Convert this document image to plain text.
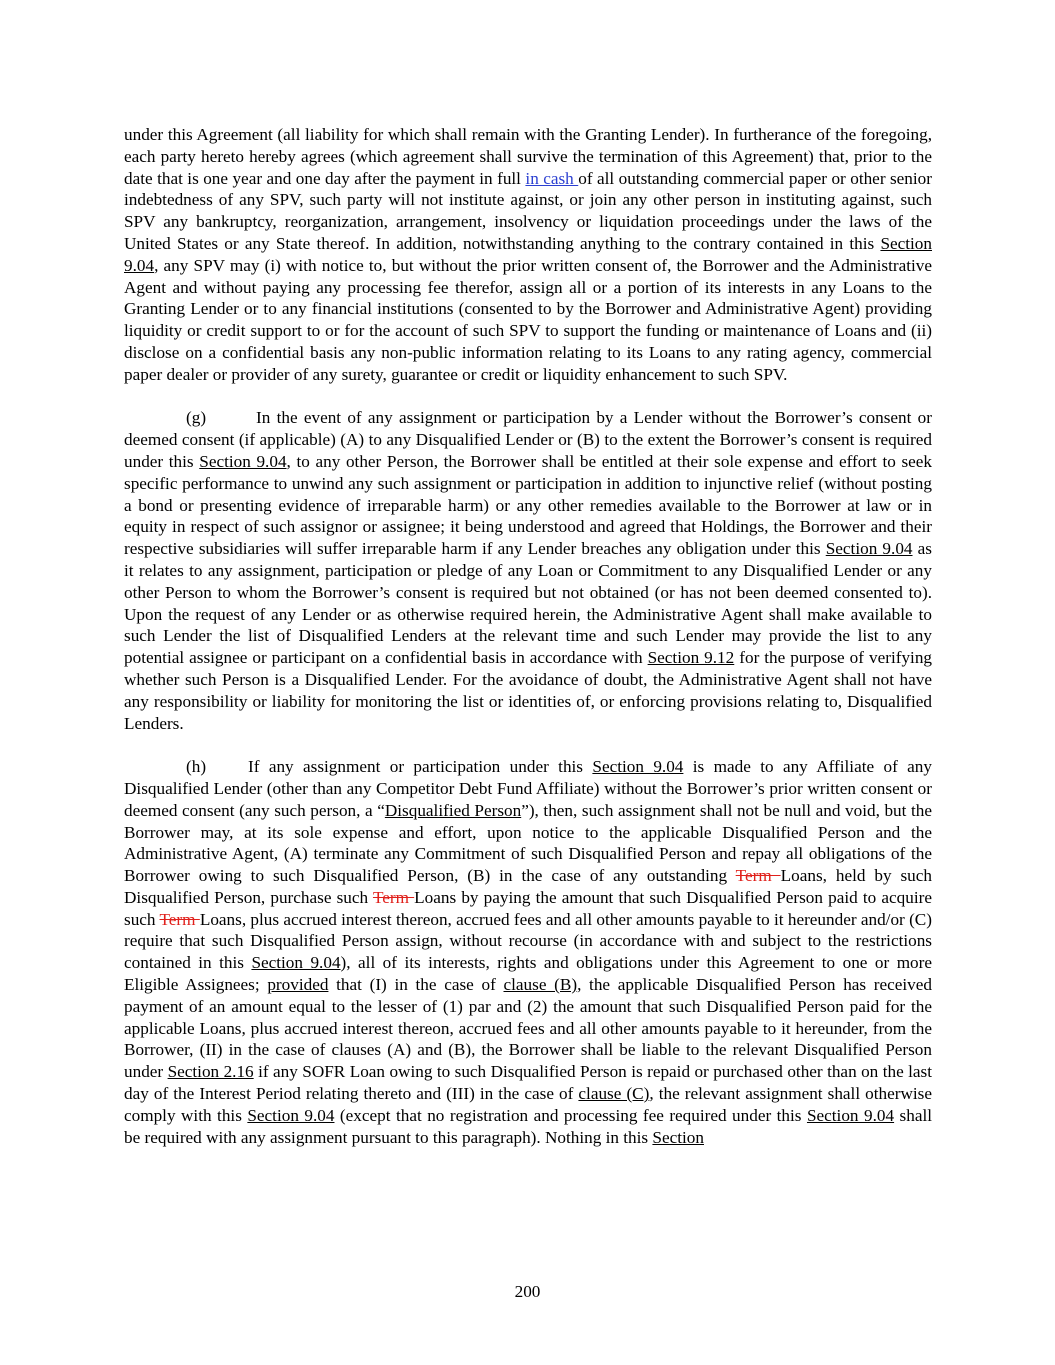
under this Agreement (all liability for which shall remain with the Granting Lender). In furtherance of the foregoing, each party hereto hereby agrees (which agreement shall survive the termination of this Agreement) that, prior to the date that is one year and one day after the payment in full in cash of all outstanding commercial paper or other senior indebtedness of any SPV, such party will not institute against, or join any other person in instituting against, such SPV any bankruptcy, reorganization, arrangement, insolvency or liquidation proceedings under the laws of the United States or any State thereof. In addition, notwithstanding anything to the contrary contained in this Section 9.04, any SPV may (i) with notice to, but without the prior written consent of, the Borrower and the Administrative Agent and without paying any processing fee therefor, assign all or a portion of its interests in any Loans to the Granting Lender or to any financial institutions (consented to by the Borrower and Administrative Agent) providing liquidity or credit support to or for the account of such SPV to support the funding or maintenance of Loans and (ii) disclose on a confidential basis any non-public information relating to its Loans to any rating agency, commercial paper dealer or provider of any surety, guarantee or credit or liquidity enhancement to such SPV.

(g)	In the event of any assignment or participation by a Lender without the Borrower’s consent or deemed consent (if applicable) (A) to any Disqualified Lender or (B) to the extent the Borrower’s consent is required under this Section 9.04, to any other Person, the Borrower shall be entitled at their sole expense and effort to seek specific performance to unwind any such assignment or participation in addition to injunctive relief (without posting a bond or presenting evidence of irreparable harm) or any other remedies available to the Borrower at law or in equity in respect of such assignor or assignee; it being understood and agreed that Holdings, the Borrower and their respective subsidiaries will suffer irreparable harm if any Lender breaches any obligation under this Section 9.04 as it relates to any assignment, participation or pledge of any Loan or Commitment to any Disqualified Lender or any other Person to whom the Borrower’s consent is required but not obtained (or has not been deemed consented to). Upon the request of any Lender or as otherwise required herein, the Administrative Agent shall make available to such Lender the list of Disqualified Lenders at the relevant time and such Lender may provide the list to any potential assignee or participant on a confidential basis in accordance with Section 9.12 for the purpose of verifying whether such Person is a Disqualified Lender. For the avoidance of doubt, the Administrative Agent shall not have any responsibility or liability for monitoring the list or identities of, or enforcing provisions relating to, Disqualified Lenders.

(h) If any assignment or participation under this Section 9.04 is made to any Affiliate of any Disqualified Lender (other than any Competitor Debt Fund Affiliate) without the Borrower’s prior written consent or deemed consent (any such person, a “Disqualified Person”), then, such assignment shall not be null and void, but the Borrower may, at its sole expense and effort, upon notice to the applicable Disqualified Person and the Administrative Agent, (A) terminate any Commitment of such Disqualified Person and repay all obligations of the Borrower owing to such Disqualified Person, (B) in the case of any outstanding Term Loans, held by such Disqualified Person, purchase such Term Loans by paying the amount that such Disqualified Person paid to acquire such Term Loans, plus accrued interest thereon, accrued fees and all other amounts payable to it hereunder and/or (C) require that such Disqualified Person assign, without recourse (in accordance with and subject to the restrictions contained in this Section 9.04), all of its interests, rights and obligations under this Agreement to one or more Eligible Assignees; provided that (I) in the case of clause (B), the applicable Disqualified Person has received payment of an amount equal to the lesser of (1) par and (2) the amount that such Disqualified Person paid for the applicable Loans, plus accrued interest thereon, accrued fees and all other amounts payable to it hereunder, from the Borrower, (II) in the case of clauses (A) and (B), the Borrower shall be liable to the relevant Disqualified Person under Section 2.16 if any SOFR Loan owing to such Disqualified Person is repaid or purchased other than on the last day of the Interest Period relating thereto and (III) in the case of clause (C), the relevant assignment shall otherwise comply with this Section 9.04 (except that no registration and processing fee required under this Section 9.04 shall be required with any assignment pursuant to this paragraph). Nothing in this Section

200
